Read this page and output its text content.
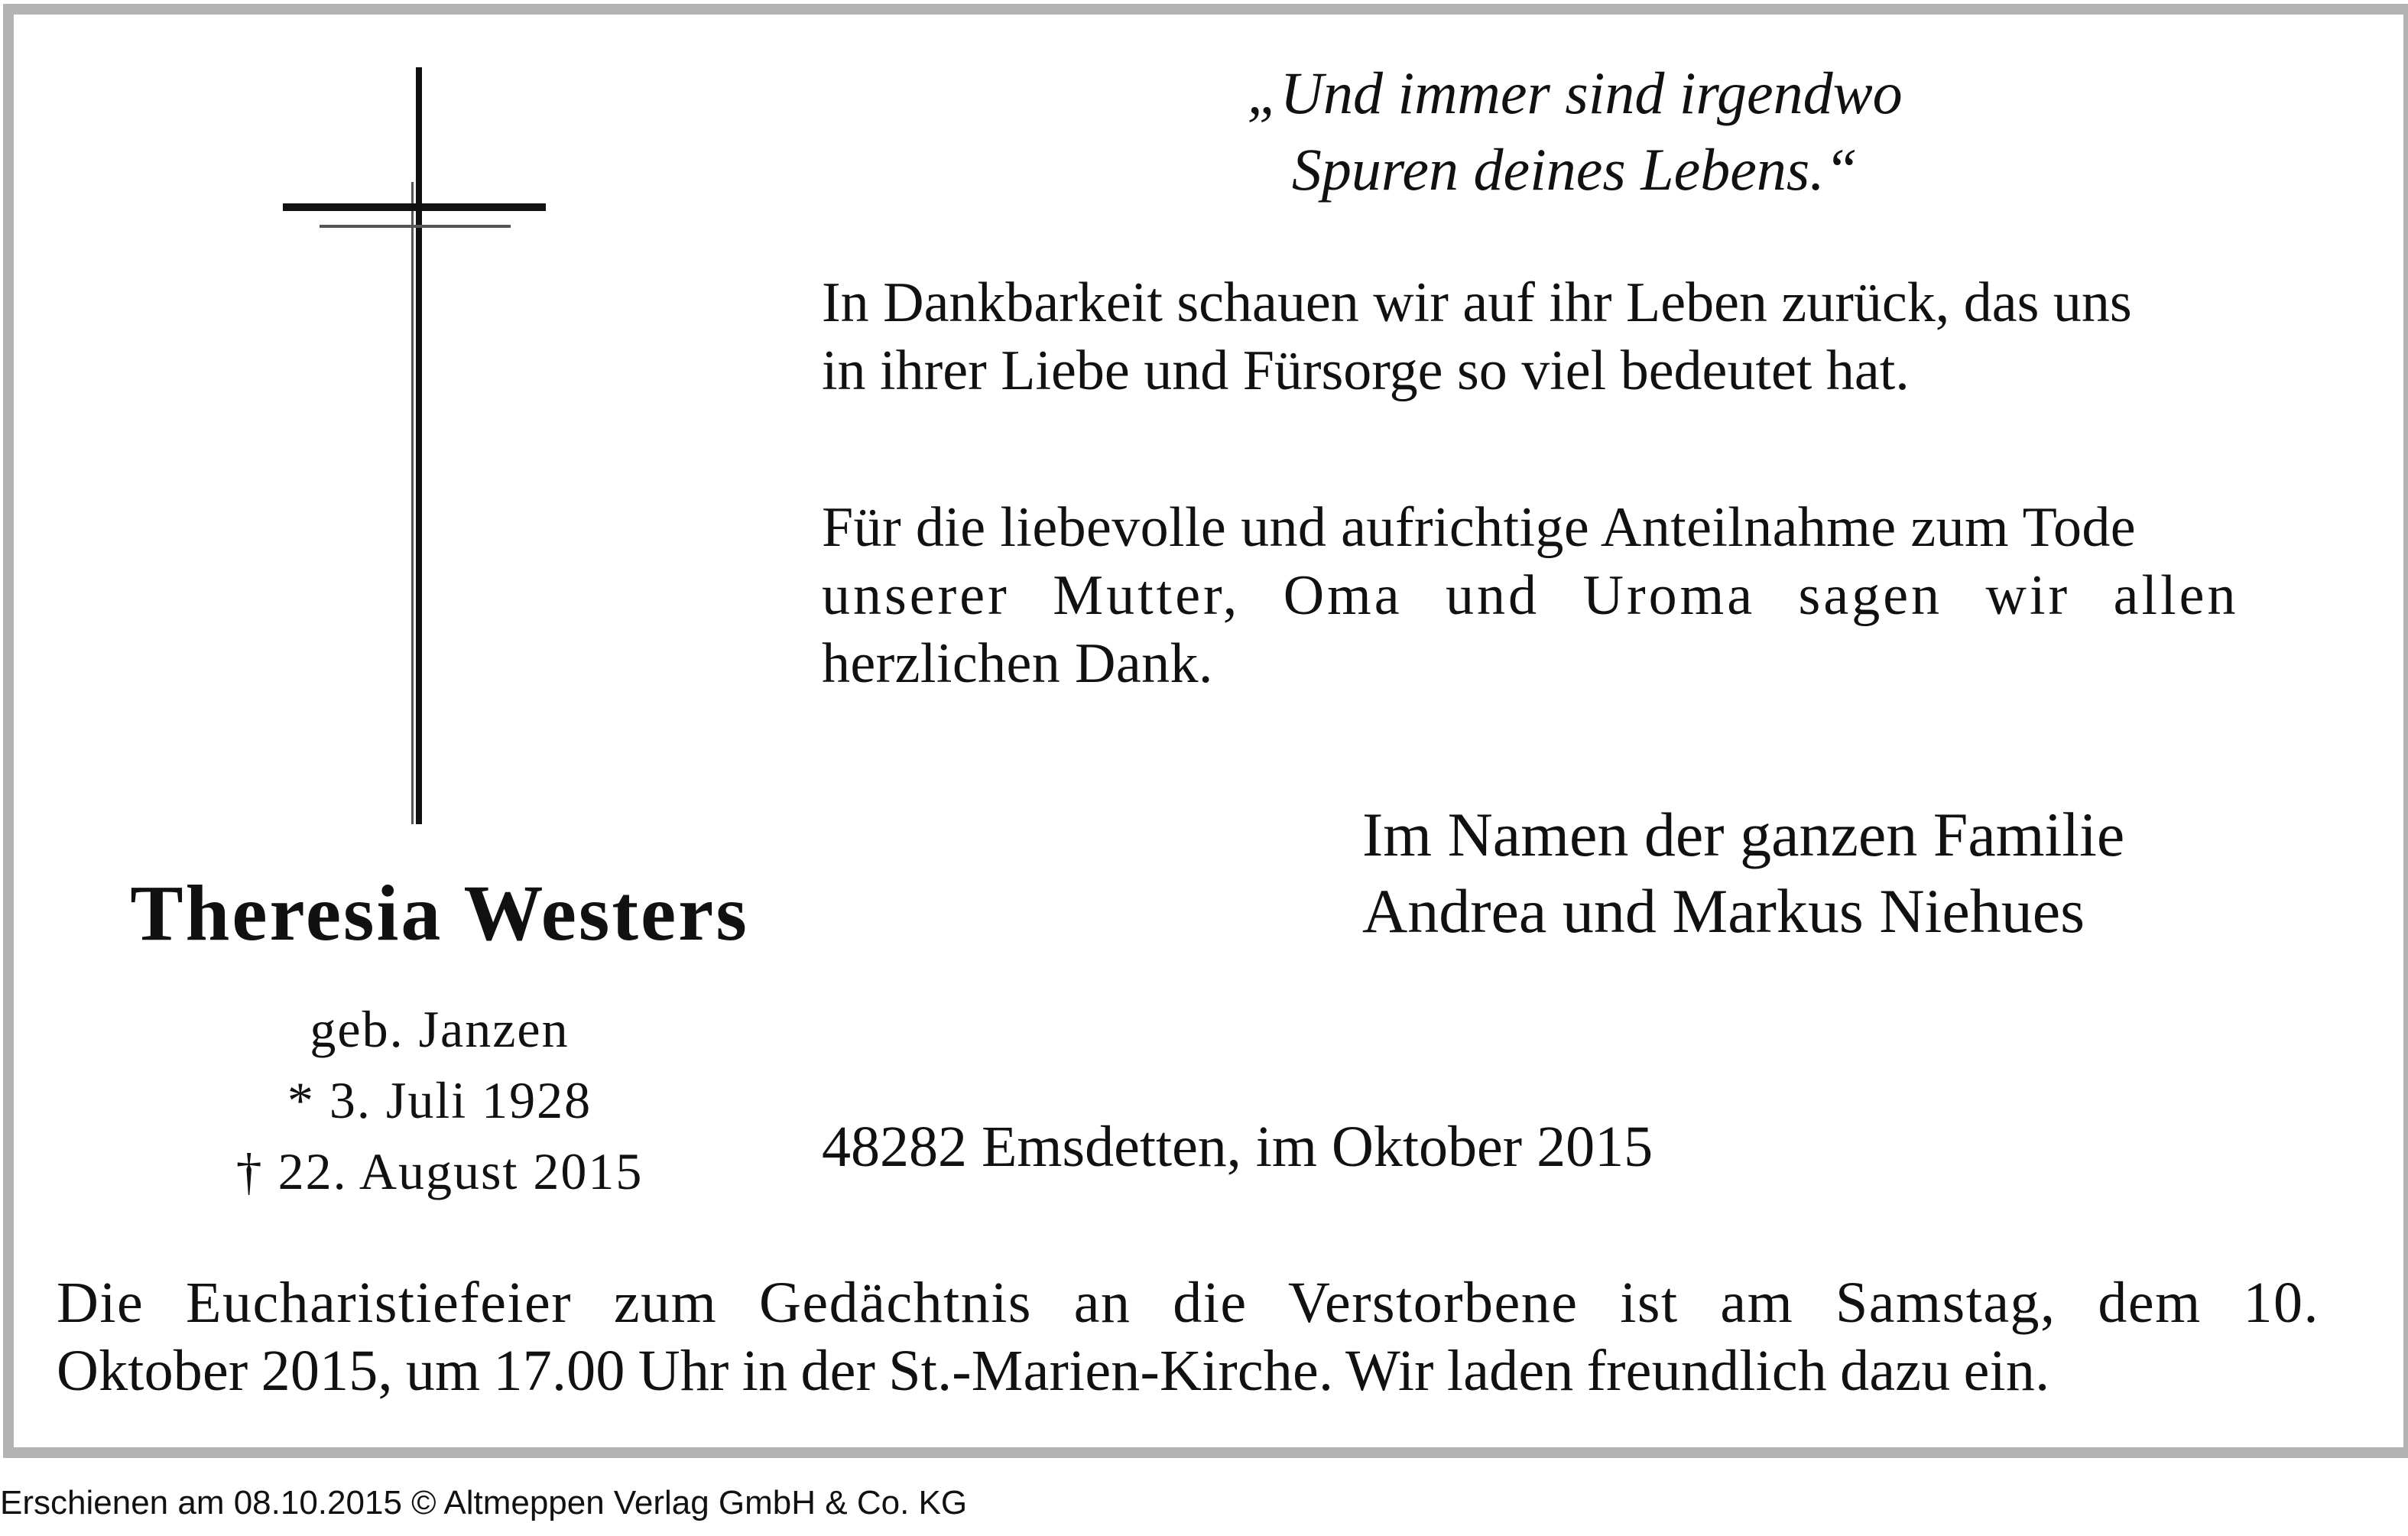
„Und immer sind irgendwo
Spuren deines Lebens.“
In Dankbarkeit schauen wir auf ihr Leben zurück, das uns
in ihrer Liebe und Fürsorge so viel bedeutet hat.
Für die liebevolle und aufrichtige Anteilnahme zum Tode
unserer Mutter, Oma und Uroma sagen wir allen
herzlichen Dank.
Im Namen der ganzen Familie
Andrea und Markus Niehues
Theresia Westers
geb. Janzen
* 3. Juli 1928
† 22. August 2015	48282 Emsdetten, im Oktober 2015
Die Eucharistiefeier zum Gedächtnis an die Verstorbene ist am Samstag, dem 10.
Oktober 2015, um 17.00 Uhr in der St.-Marien-Kirche. Wir laden freundlich dazu ein.
Erschienen am 08.10.2015 © Altmeppen Verlag GmbH & Co. KG
